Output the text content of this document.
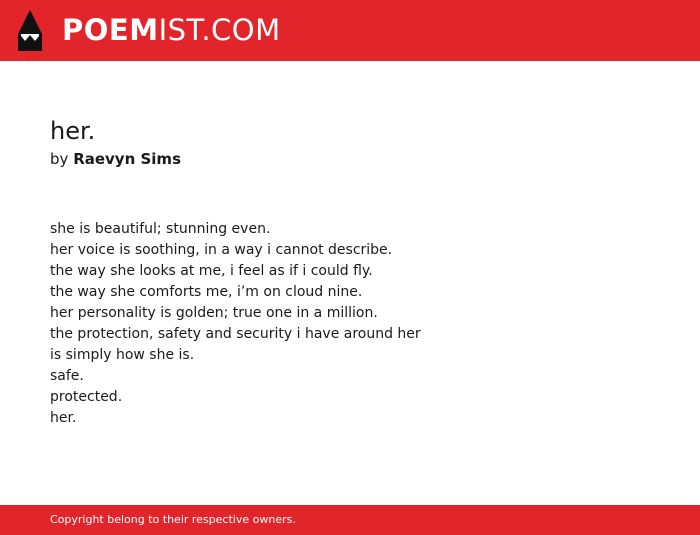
POEMIST.COM
her.
by Raevyn Sims
she is beautiful; stunning even.
her voice is soothing, in a way i cannot describe.
the way she looks at me, i feel as if i could fly.
the way she comforts me, i’m on cloud nine.
her personality is golden; true one in a million.
the protection, safety and security i have around her
is simply how she is.
safe.
protected.
her.
Copyright belong to their respective owners.
